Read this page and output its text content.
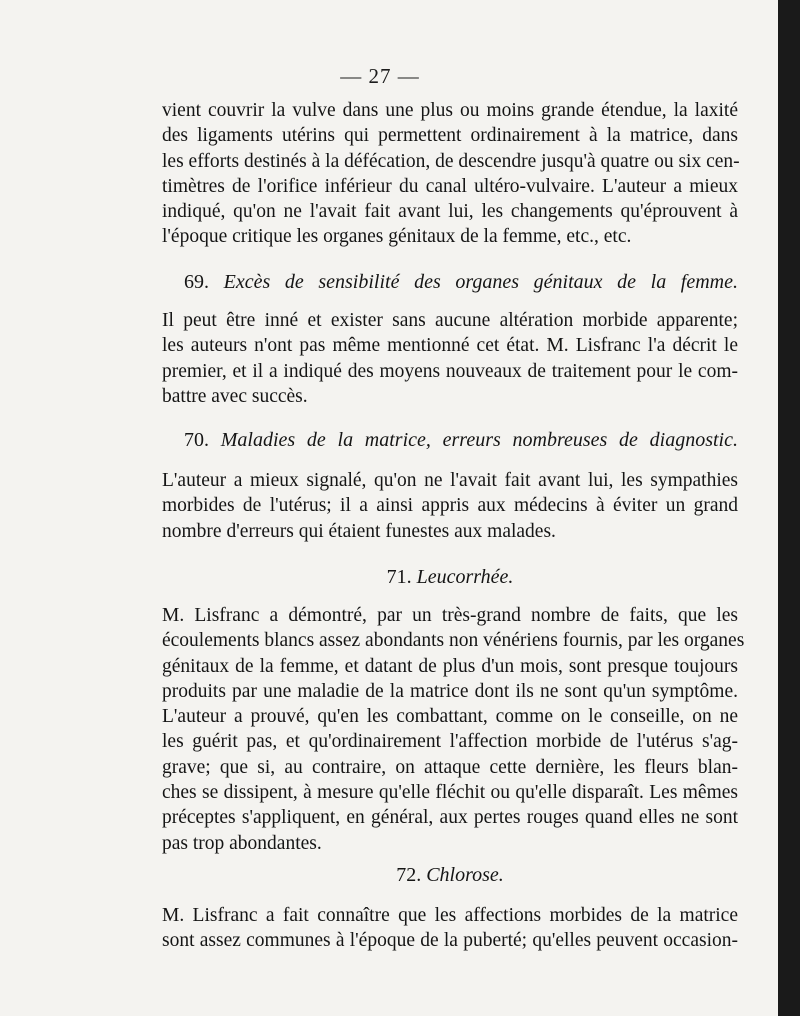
— 27 —
vient couvrir la vulve dans une plus ou moins grande étendue, la laxité
des ligaments utérins qui permettent ordinairement à la matrice, dans
les efforts destinés à la défécation, de descendre jusqu'à quatre ou six cen-
timètres de l'orifice inférieur du canal ultéro-vulvaire. L'auteur a mieux
indiqué, qu'on ne l'avait fait avant lui, les changements qu'éprouvent à
l'époque critique les organes génitaux de la femme, etc., etc.
69. Excès de sensibilité des organes génitaux de la femme.
Il peut être inné et exister sans aucune altération morbide apparente;
les auteurs n'ont pas même mentionné cet état. M. Lisfranc l'a décrit le
premier, et il a indiqué des moyens nouveaux de traitement pour le com-
battre avec succès.
70. Maladies de la matrice, erreurs nombreuses de diagnostic.
L'auteur a mieux signalé, qu'on ne l'avait fait avant lui, les sympathies
morbides de l'utérus; il a ainsi appris aux médecins à éviter un grand
nombre d'erreurs qui étaient funestes aux malades.
71. Leucorrhée.
M. Lisfranc a démontré, par un très-grand nombre de faits, que les
écoulements blancs assez abondants non vénériens fournis, par les organes
génitaux de la femme, et datant de plus d'un mois, sont presque toujours
produits par une maladie de la matrice dont ils ne sont qu'un symptôme.
L'auteur a prouvé, qu'en les combattant, comme on le conseille, on ne
les guérit pas, et qu'ordinairement l'affection morbide de l'utérus s'ag-
grave; que si, au contraire, on attaque cette dernière, les fleurs blan-
ches se dissipent, à mesure qu'elle fléchit ou qu'elle disparaît. Les mêmes
préceptes s'appliquent, en général, aux pertes rouges quand elles ne sont
pas trop abondantes.
72. Chlorose.
M. Lisfranc a fait connaître que les affections morbides de la matrice
sont assez communes à l'époque de la puberté; qu'elles peuvent occasion-
